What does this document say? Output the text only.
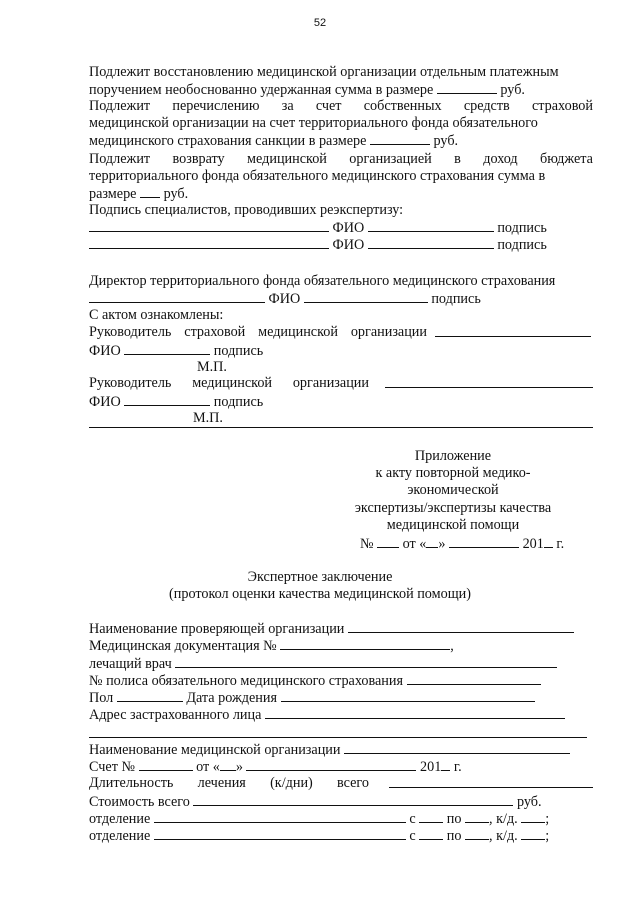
52
Подлежит восстановлению медицинской организации отдельным платежным
поручением необоснованно удержанная сумма в размере	руб.
Подлежит перечислению за счет собственных средств страховой
медицинской организации на счет территориального фонда обязательного
медицинского страхования санкции в размере	руб.
Подлежит возврату медицинской организацией в доход бюджета
территориального фонда обязательного медицинского страхования сумма в
размере руб.
Подпись специалистов, проводивших реэкспертизу:
ФИО	подпись
ФИО	подпись
Директор территориального фонда обязательного медицинского страхования
ФИО	подпись
С актом ознакомлены:
Руководитель страховой медицинской организации
ФИО	подпись
М.П.
Руководитель медицинской организации
ФИО	подпись
М.П.
Приложение
к акту повторной медико-
экономической
экспертизы/экспертизы качества
медицинской помощи
№ от « »	201 г.
Экспертное заключение
(протокол оценки качества медицинской помощи)
Наименование проверяющей организации
Медицинская документация №	,
лечащий врач
№ полиса обязательного медицинского страхования
Пол	Дата рождения
Адрес застрахованного лица
Наименование медицинской организации
Счет №	от « »	201 г.
Длительность лечения (к/дни) всего
Стоимость всего	руб.
отделение	с по , к/д. ;
отделение	с по , к/д. ;
